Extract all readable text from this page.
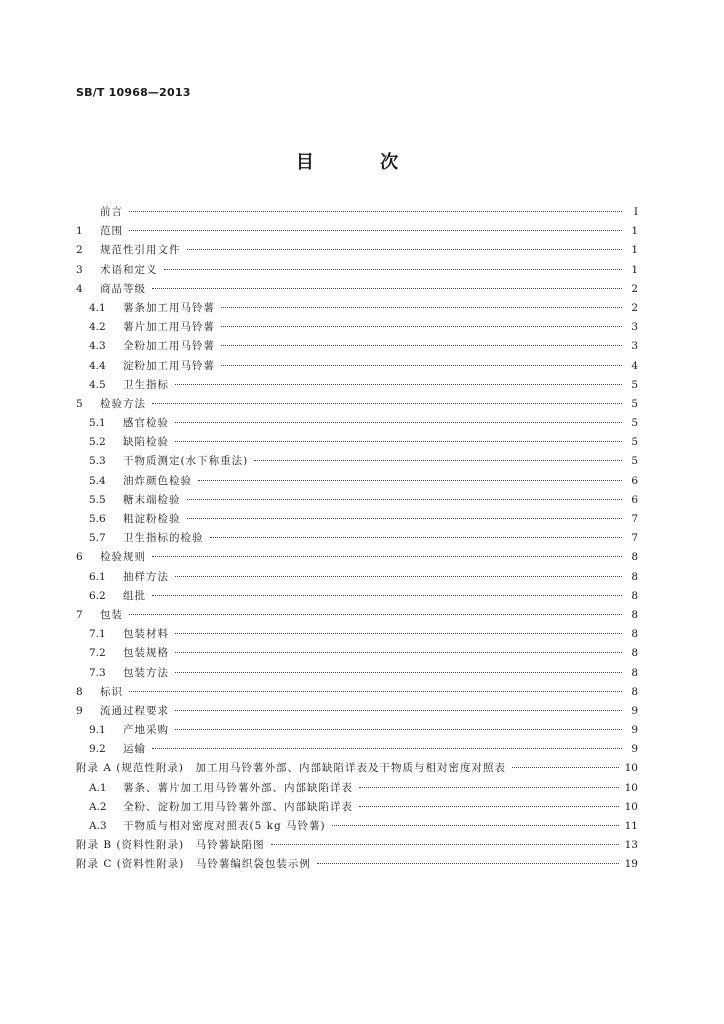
SB/T 10968—2013
目 次
前言	Ⅰ
1	范围	1
2	规范性引用文件	1
3	术语和定义	1
4	商品等级	2
4.1	薯条加工用马铃薯	2
4.2	薯片加工用马铃薯	3
4.3	全粉加工用马铃薯	3
4.4	淀粉加工用马铃薯	4
4.5	卫生指标	5
5	检验方法	5
5.1	感官检验	5
5.2	缺陷检验	5
5.3	干物质测定(水下称重法)	5
5.4	油炸颜色检验	6
5.5	糖末端检验	6
5.6	粗淀粉检验	7
5.7	卫生指标的检验	7
6	检验规则	8
6.1	抽样方法	8
6.2	组批	8
7	包装	8
7.1	包装材料	8
7.2	包装规格	8
7.3	包装方法	8
8	标识	8
9	流通过程要求	9
9.1	产地采购	9
9.2	运输	9
附录 A (规范性附录)　加工用马铃薯外部、内部缺陷详表及干物质与相对密度对照表	10
A.1	薯条、薯片加工用马铃薯外部、内部缺陷详表	10
A.2	全粉、淀粉加工用马铃薯外部、内部缺陷详表	10
A.3	干物质与相对密度对照表(5 kg 马铃薯)	11
附录 B (资料性附录)　马铃薯缺陷图	13
附录 C (资料性附录)　马铃薯编织袋包装示例	19
